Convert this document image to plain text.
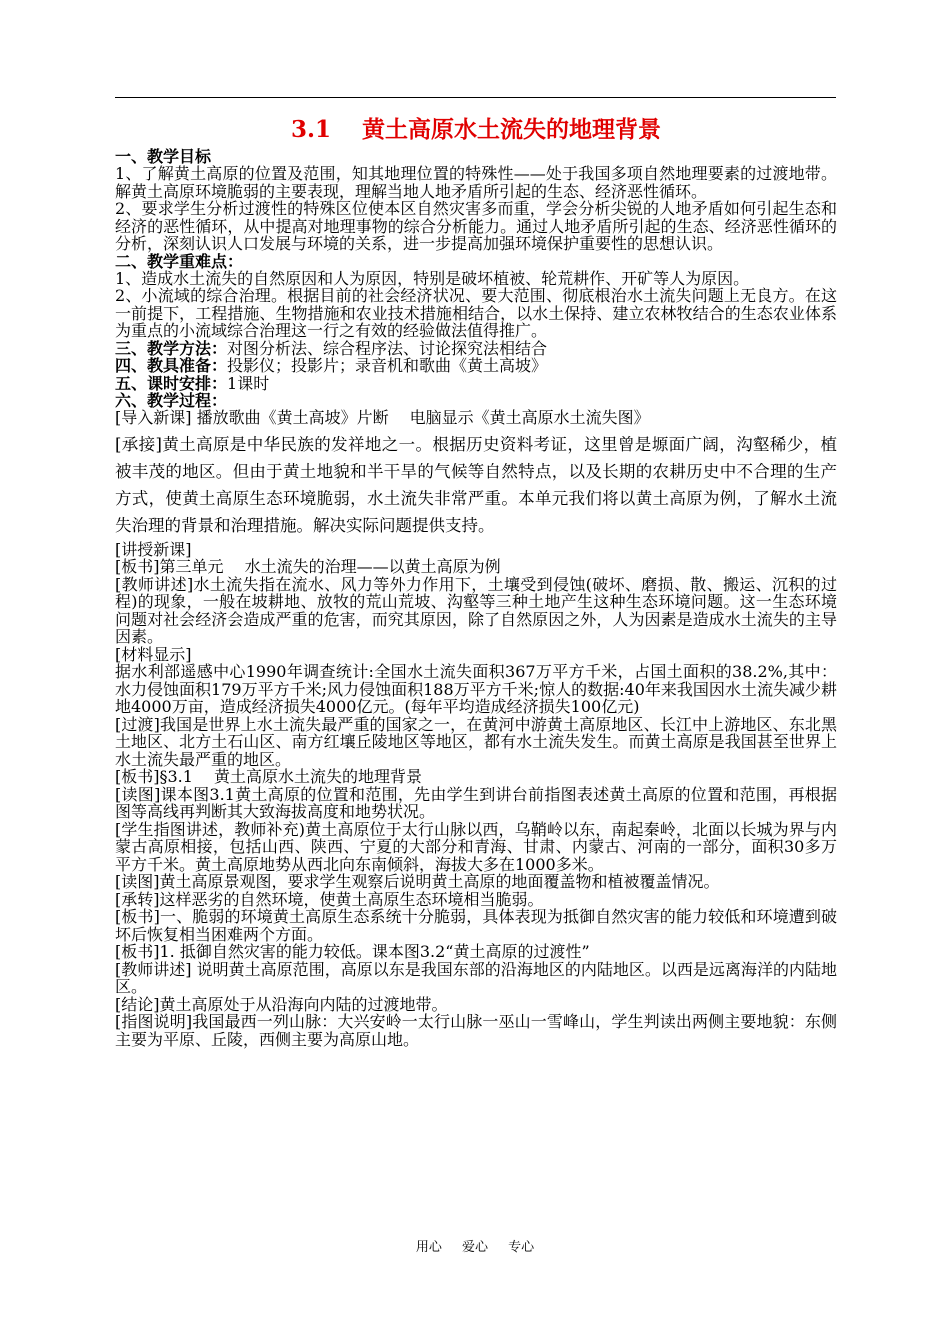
3.1　 黄土高原水土流失的地理背景
一、教学目标

1、了解黄土高原的位置及范围，知其地理位置的特殊性——处于我国多项自然地理要素的过渡地带。解黄土高原环境脆弱的主要表现，理解当地人地矛盾所引起的生态、经济恶性循环。

2、要求学生分析过渡性的特殊区位使本区自然灾害多而重，学会分析尖锐的人地矛盾如何引起生态和经济的恶性循环，从中提高对地理事物的综合分析能力。通过人地矛盾所引起的生态、经济恶性循环的分析，深刻认识人口发展与环境的关系，进一步提高加强环境保护重要性的思想认识。

二、教学重难点：

1、造成水土流失的自然原因和人为原因，特别是破坏植被、轮荒耕作、开矿等人为原因。

2、小流域的综合治理。根据目前的社会经济状况、要大范围、彻底根治水土流失问题上无良方。在这一前提下，工程措施、生物措施和农业技术措施相结合，以水土保持、建立农林牧结合的生态农业体系为重点的小流域综合治理这一行之有效的经验做法值得推广。

三、教学方法：对图分析法、综合程序法、讨论探究法相结合

四、教具准备：投影仪；投影片；录音机和歌曲《黄土高坡》

五、课时安排：1课时

六、教学过程：

[导入新课] 播放歌曲《黄土高坡》片断　 电脑显示《黄土高原水土流失图》

[承接]黄土高原是中华民族的发祥地之一。根据历史资料考证，这里曾是塬面广阔，沟壑稀少，植被丰茂的地区。但由于黄土地貌和半干旱的气候等自然特点，以及长期的农耕历史中不合理的生产方式，使黄土高原生态环境脆弱，水土流失非常严重。本单元我们将以黄土高原为例，了解水土流失治理的背景和治理措施。解决实际问题提供支持。

[讲授新课]

[板书]第三单元　 水土流失的治理——以黄土高原为例

[教师讲述]水土流失指在流水、风力等外力作用下，土壤受到侵蚀(破坏、磨损、散、搬运、沉积的过程)的现象，一般在坡耕地、放牧的荒山荒坡、沟壑等三种土地产生这种生态环境问题。这一生态环境问题对社会经济会造成严重的危害，而究其原因，除了自然原因之外，人为因素是造成水土流失的主导因素。

[材料显示]

据水利部遥感中心1990年调查统计:全国水土流失面积367万平方千米，占国土面积的38.2%,其中：水力侵蚀面积179万平方千米;风力侵蚀面积188万平方千米;惊人的数据:40年来我国因水土流失减少耕地4000万亩，造成经济损失4000亿元。(每年平均造成经济损失100亿元)

[过渡]我国是世界上水土流失最严重的国家之一，在黄河中游黄土高原地区、长江中上游地区、东北黑土地区、北方土石山区、南方红壤丘陵地区等地区，都有水土流失发生。而黄土高原是我国甚至世界上水土流失最严重的地区。

[板书]§3.1　 黄土高原水土流失的地理背景

[读图]课本图3.1黄土高原的位置和范围，先由学生到讲台前指图表述黄土高原的位置和范围，再根据图等高线再判断其大致海拔高度和地势状况。

[学生指图讲述，教师补充)黄土高原位于太行山脉以西，乌鞘岭以东，南起秦岭，北面以长城为界与内蒙古高原相接，包括山西、陕西、宁夏的大部分和青海、甘肃、内蒙古、河南的一部分，面积30多万平方千米。黄土高原地势从西北向东南倾斜，海拔大多在1000多米。

[读图]黄土高原景观图，要求学生观察后说明黄土高原的地面覆盖物和植被覆盖情况。

[承转]这样恶劣的自然环境，使黄土高原生态环境相当脆弱。

[板书]一、脆弱的环境黄土高原生态系统十分脆弱，具体表现为抵御自然灾害的能力较低和环境遭到破坏后恢复相当困难两个方面。

[板书]1. 抵御自然灾害的能力较低。课本图3.2“黄土高原的过渡性”

[教师讲述] 说明黄土高原范围，高原以东是我国东部的沿海地区的内陆地区。以西是远离海洋的内陆地区。

[结论]黄土高原处于从沿海向内陆的过渡地带。

[指图说明]我国最西一列山脉：大兴安岭一太行山脉一巫山一雪峰山，学生判读出两侧主要地貌：东侧主要为平原、丘陵，西侧主要为高原山地。

用心 爱心 专心
